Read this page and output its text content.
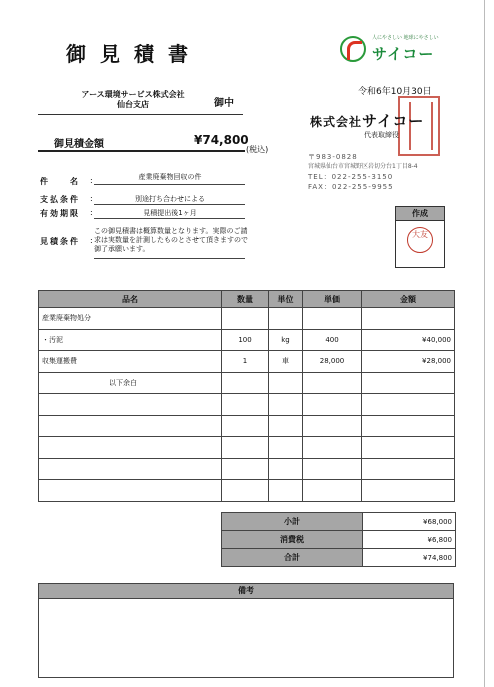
御見積書
人にやさしい 地球にやさしい
サイコー
アース環境サービス株式会社
仙台支店	御中
令和6年10月30日
株式会社サイコー
代表取締役
〒983-0828
宮城県仙台市宮城野区岩切分台1丁目8-4
TEL：022-255-3150
FAX：022-255-9955
御見積金額	¥74,800
(税込)
件　　名 :	産業廃棄物回収の件
支払条件 :	別途打ち合わせによる
有効期限 :	見積提出後1ヶ月
見積条件 :
この御見積書は概算数量となります。実際のご請求は実数量を計測したものとさせて頂きますので御了承願います。
作成
大友
品名	数量	単位	単価	金額
産業廃棄物処分				
・汚泥	100	kg	400	¥40,000
収集運搬費	1	車	28,000	¥28,000
以下余白				

小計	¥68,000
消費税	¥6,800
合計	¥74,800
備考
